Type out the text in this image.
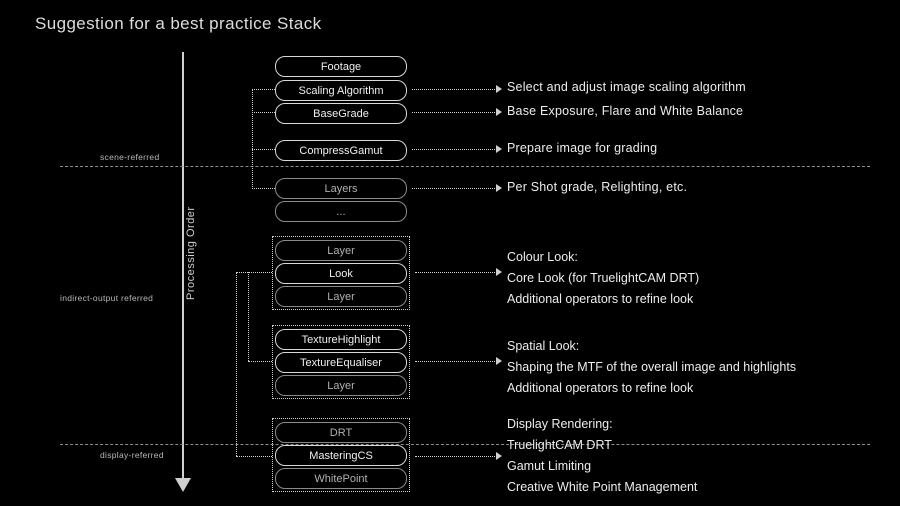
Suggestion for a best practice Stack
Processing Order
scene-referred
indirect-output referred
display-referred
Footage
Scaling Algorithm
BaseGrade
CompressGamut
Layers
...
Layer
Look
Layer
TextureHighlight
TextureEqualiser
Layer
DRT
MasteringCS
WhitePoint
Select and adjust image scaling algorithm
Base Exposure, Flare and White Balance
Prepare image for grading
Per Shot grade, Relighting, etc.
Colour Look:
Core Look (for TruelightCAM DRT)
Additional operators to refine look
Spatial Look:
Shaping the MTF of the overall image and highlights
Additional operators to refine look
Display Rendering:
TruelightCAM DRT
Gamut Limiting
Creative White Point Management
